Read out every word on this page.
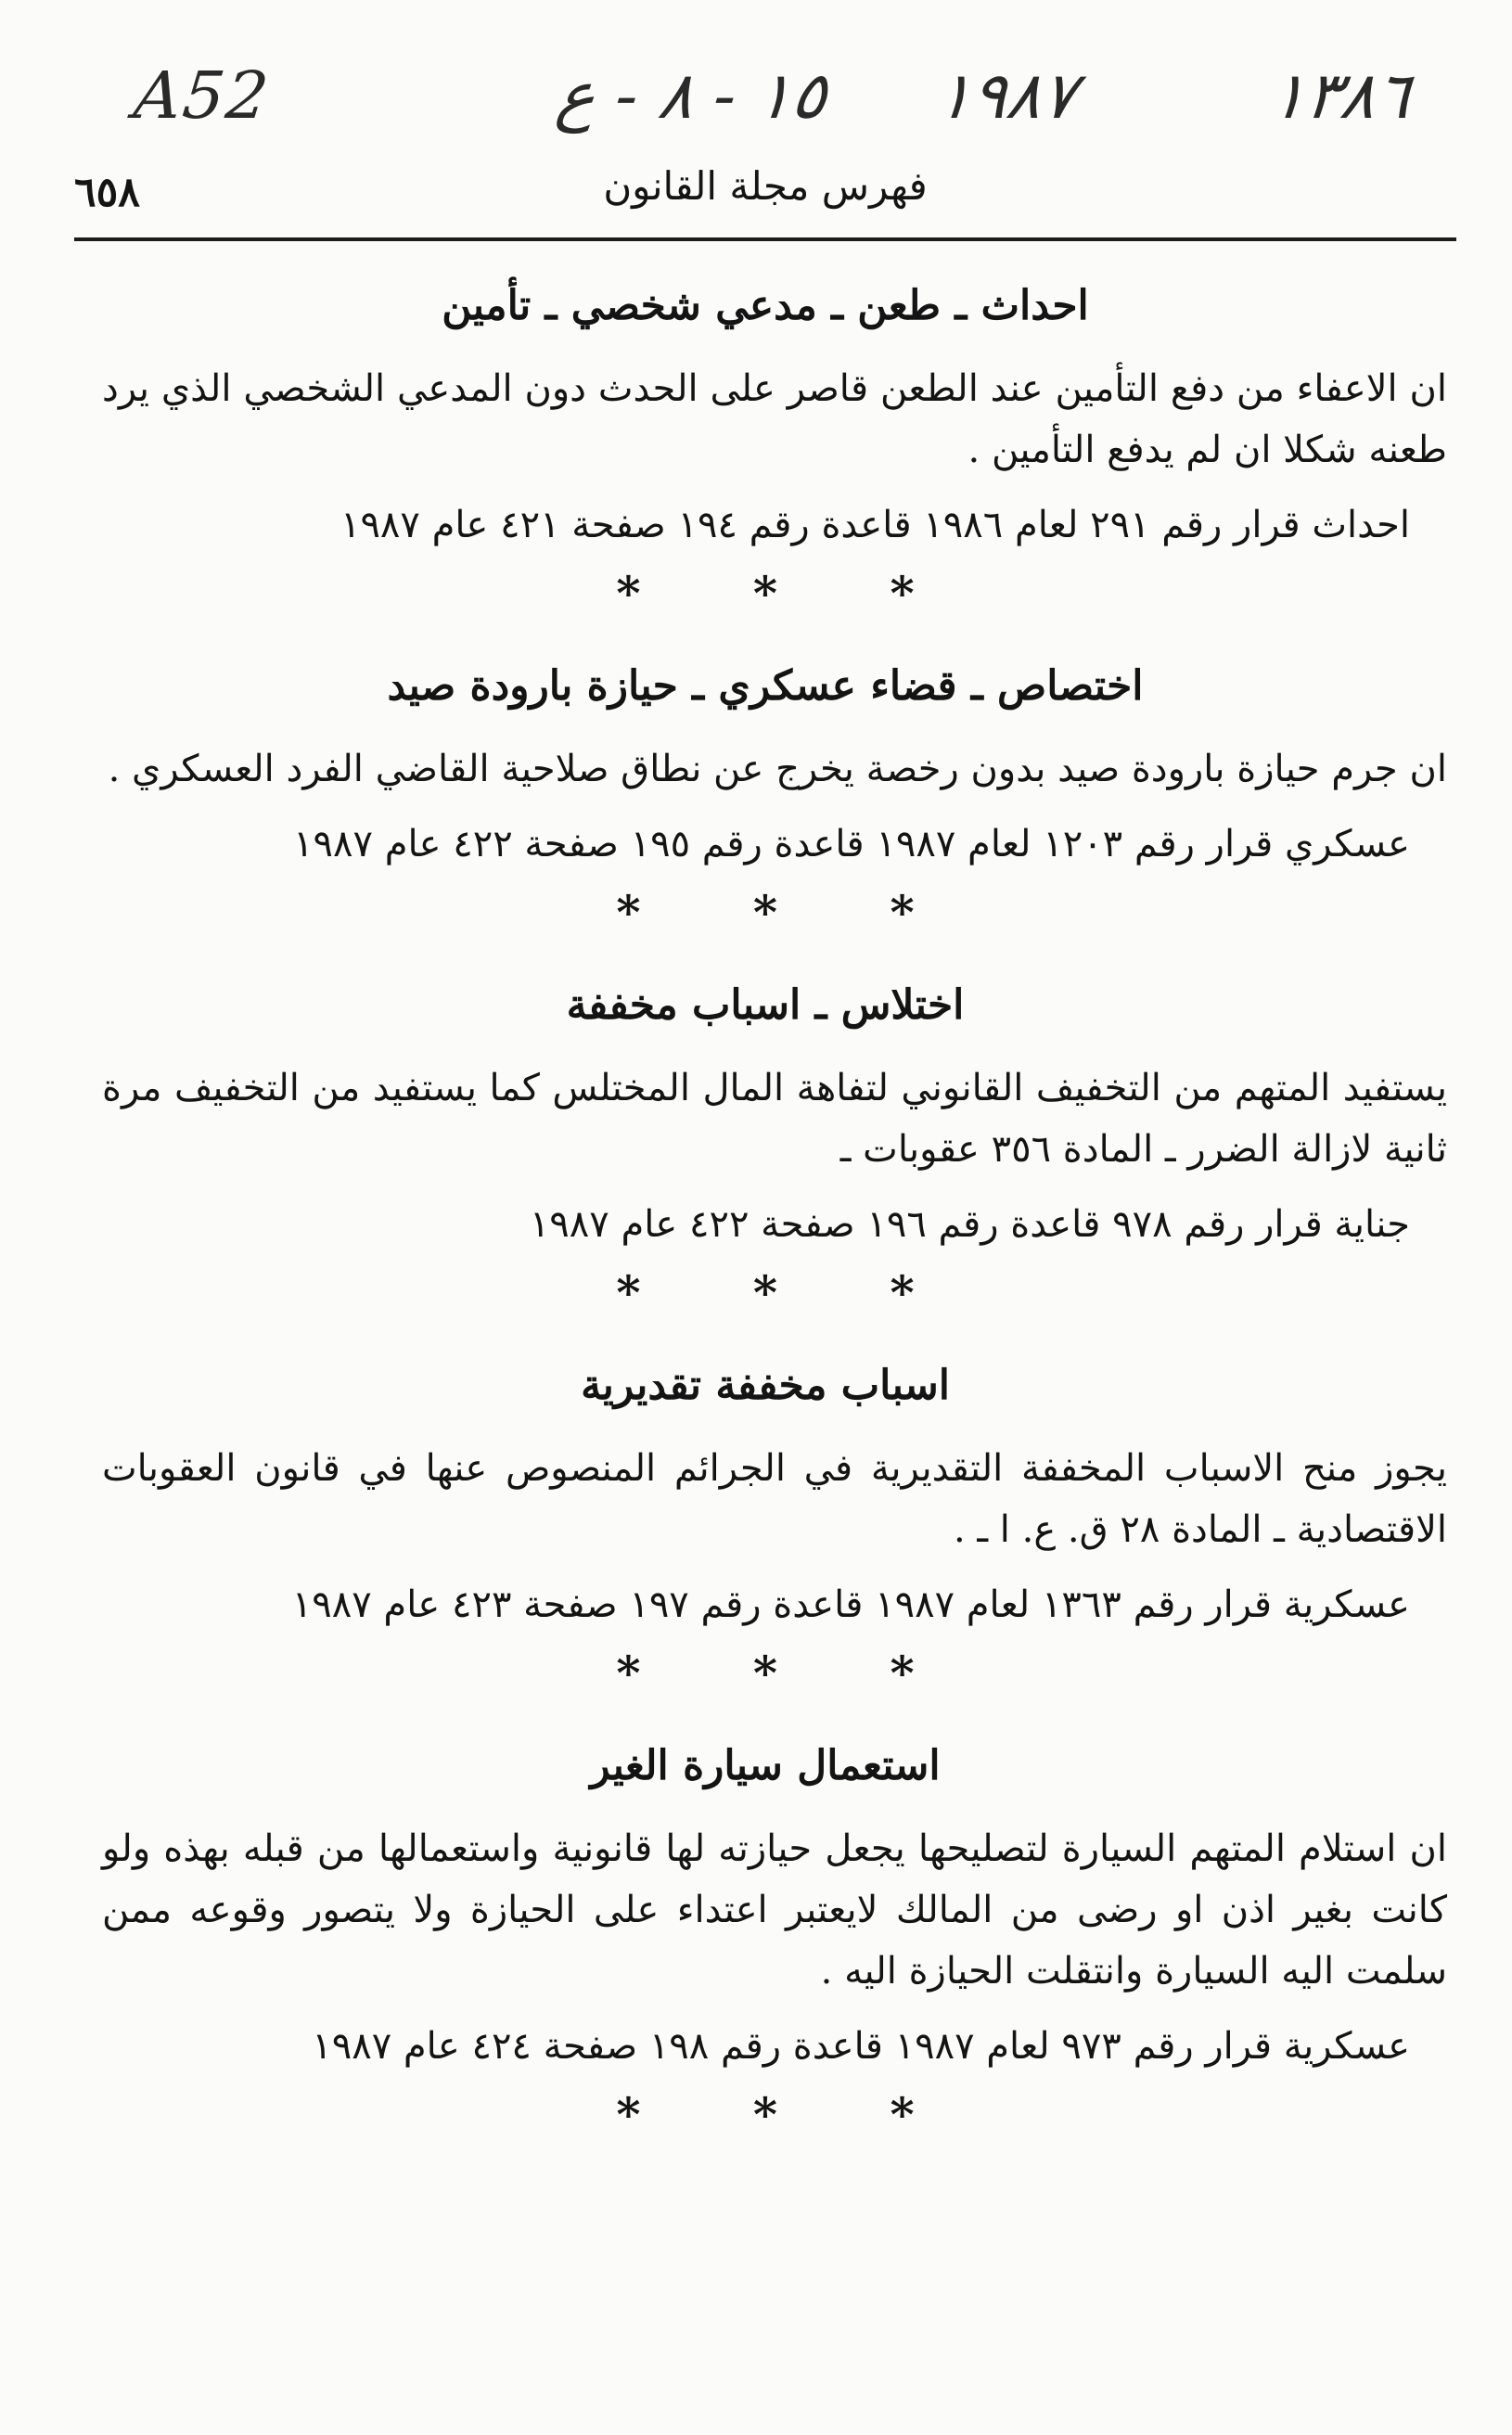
A52	١٥ - ٨ - ع ١٩٨٧	١٣٨٦
٦٥٨	فهرس مجلة القانون
احداث ـ طعن ـ مدعي شخصي ـ تأمين

ان الاعفاء من دفع التأمين عند الطعن قاصر على الحدث دون المدعي الشخصي الذي يرد طعنه شكلا ان لم يدفع التأمين .

احداث قرار رقم ٢٩١ لعام ١٩٨٦ قاعدة رقم ١٩٤ صفحة ٤٢١ عام ١٩٨٧

* * *
اختصاص ـ قضاء عسكري ـ حيازة بارودة صيد

ان جرم حيازة بارودة صيد بدون رخصة يخرج عن نطاق صلاحية القاضي الفرد العسكري .

عسكري قرار رقم ١٢٠٣ لعام ١٩٨٧ قاعدة رقم ١٩٥ صفحة ٤٢٢ عام ١٩٨٧

* * *
اختلاس ـ اسباب مخففة

يستفيد المتهم من التخفيف القانوني لتفاهة المال المختلس كما يستفيد من التخفيف مرة ثانية لازالة الضرر ـ المادة ٣٥٦ عقوبات ـ

جناية قرار رقم ٩٧٨ قاعدة رقم ١٩٦ صفحة ٤٢٢ عام ١٩٨٧

* * *
اسباب مخففة تقديرية

يجوز منح الاسباب المخففة التقديرية في الجرائم المنصوص عنها في قانون العقوبات الاقتصادية ـ المادة ٢٨ ق. ع. ا ـ .

عسكرية قرار رقم ١٣٦٣ لعام ١٩٨٧ قاعدة رقم ١٩٧ صفحة ٤٢٣ عام ١٩٨٧

* * *
استعمال سيارة الغير

ان استلام المتهم السيارة لتصليحها يجعل حيازته لها قانونية واستعمالها من قبله بهذه ولو كانت بغير اذن او رضى من المالك لايعتبر اعتداء على الحيازة ولا يتصور وقوعه ممن سلمت اليه السيارة وانتقلت الحيازة اليه .

عسكرية قرار رقم ٩٧٣ لعام ١٩٨٧ قاعدة رقم ١٩٨ صفحة ٤٢٤ عام ١٩٨٧

* * *
